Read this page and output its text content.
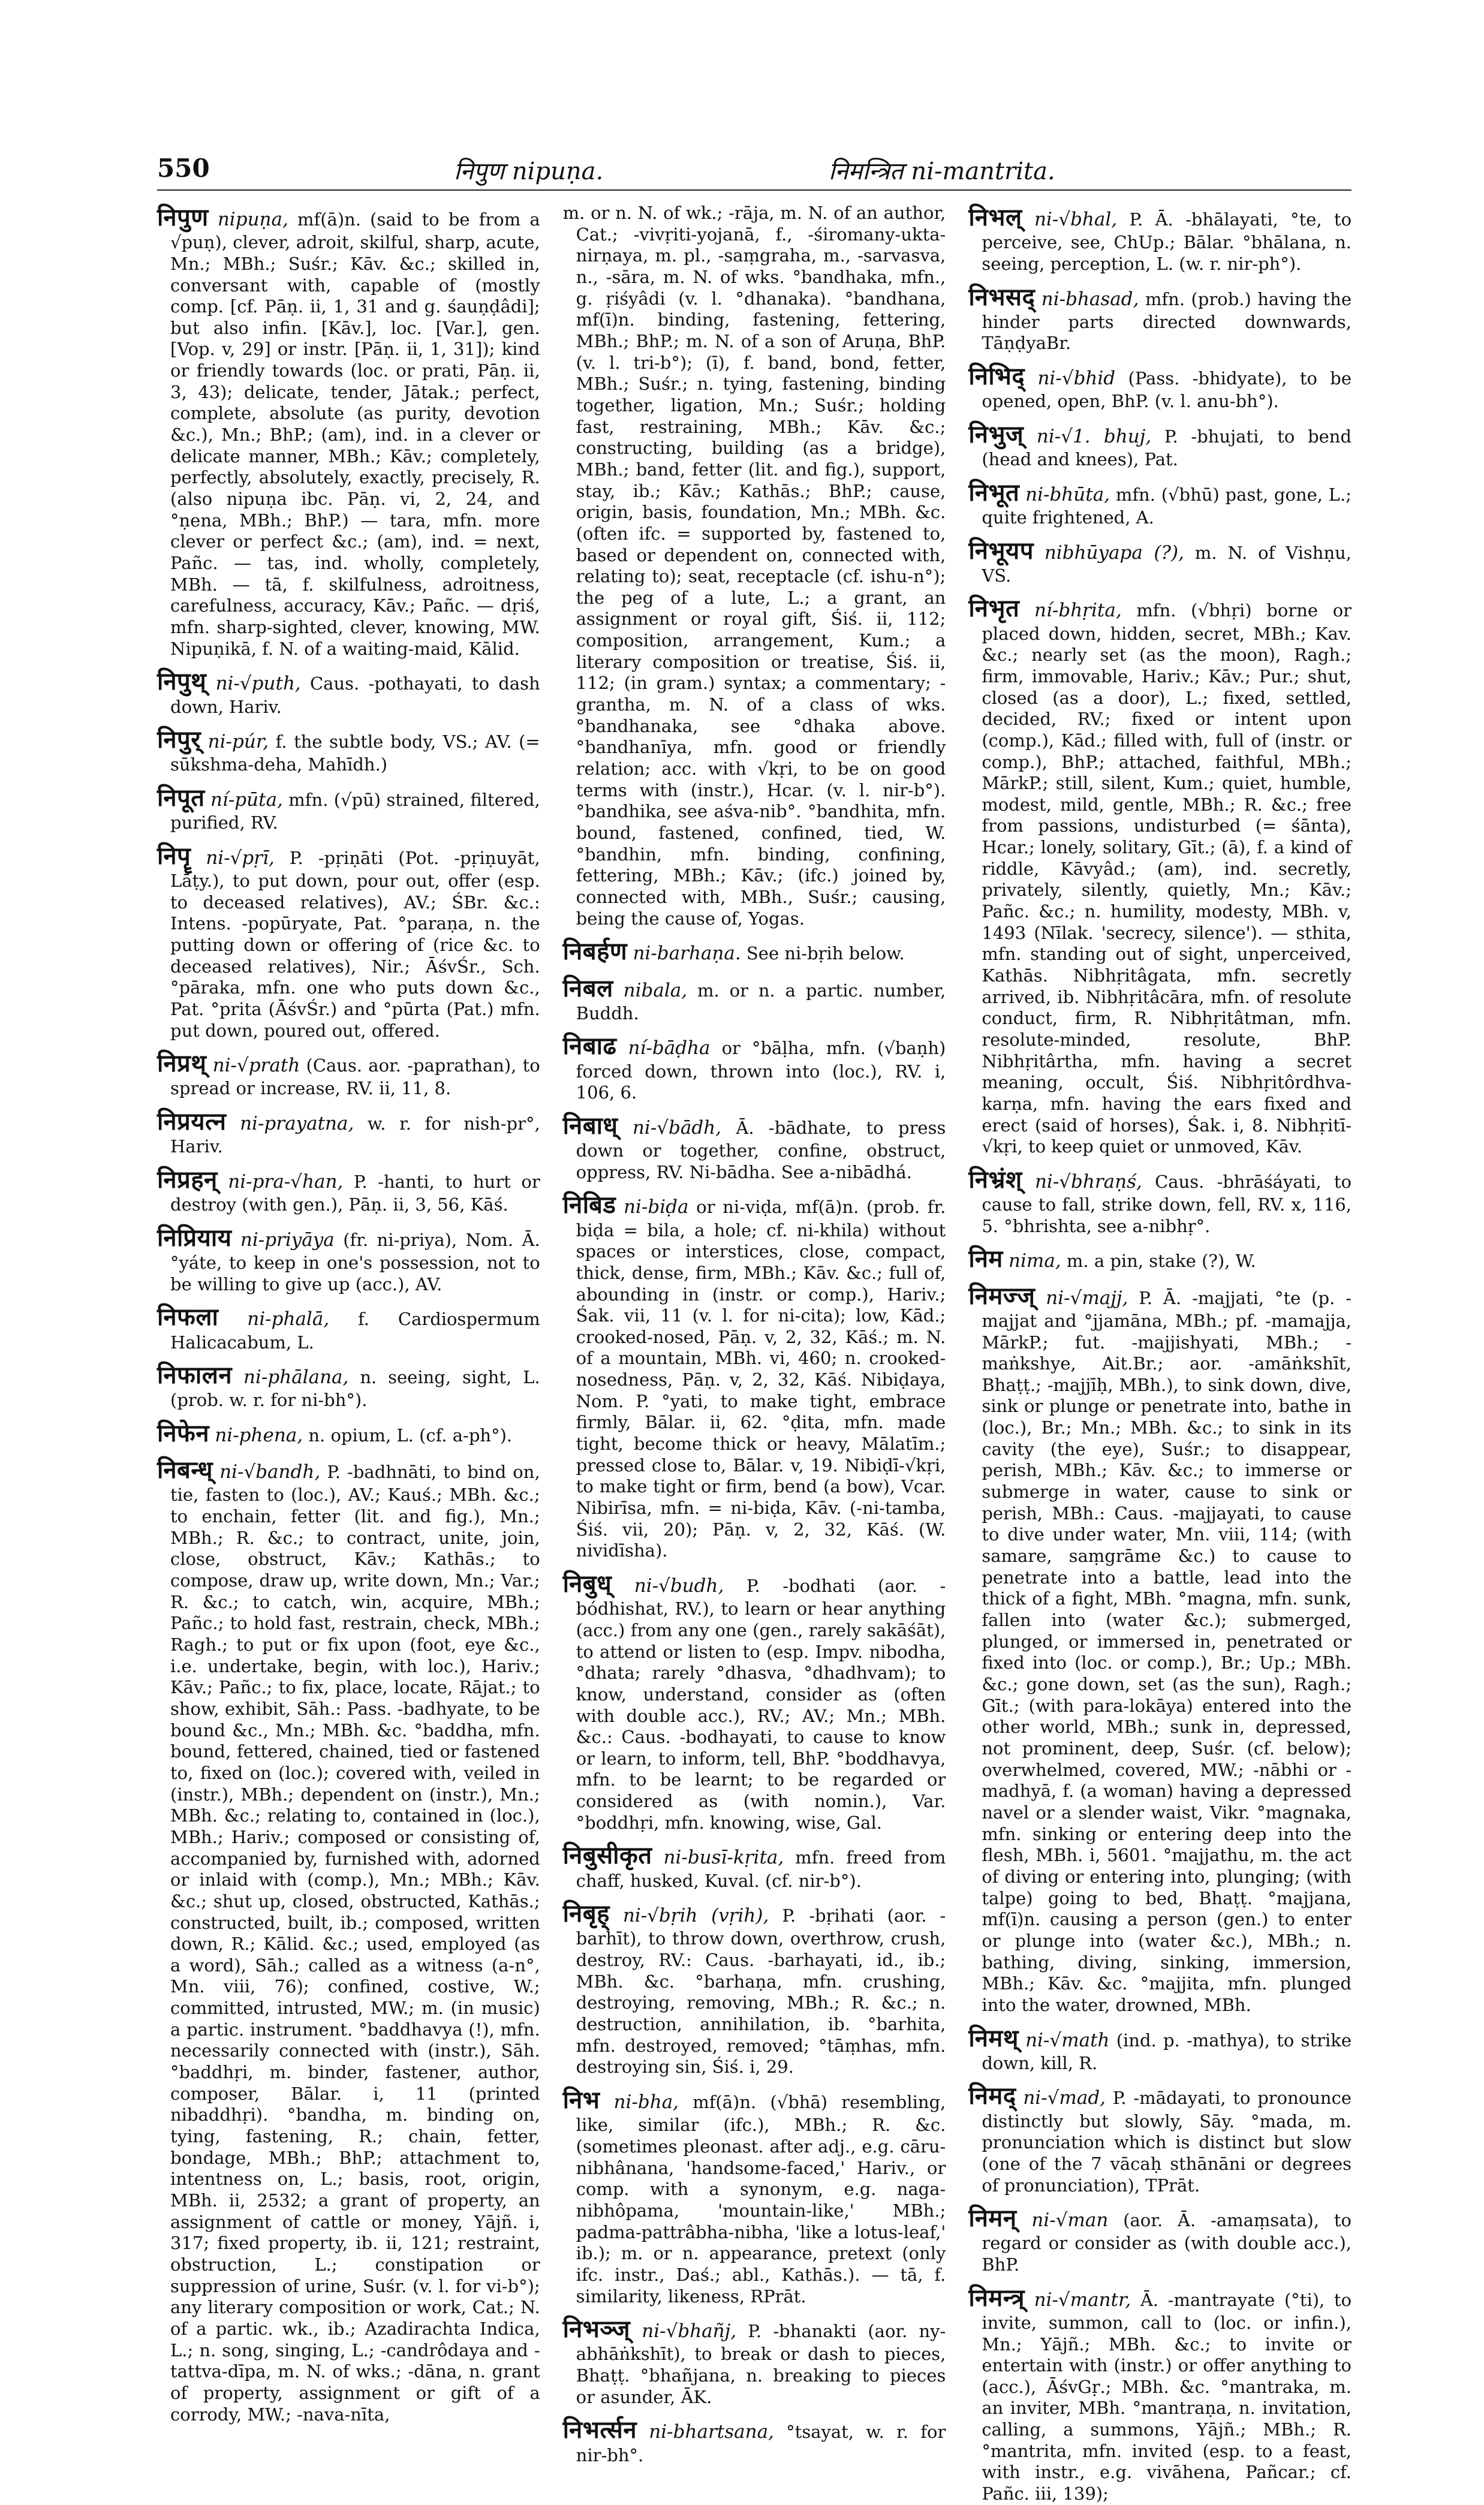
550	निपुण nipuṇa.	निमन्त्रित ni-mantrita.

निपुण nipuṇa, mf(ā)n. (said to be from a √puṇ), clever, adroit, skilful, sharp, acute, Mn.; MBh.; Suśr.; Kāv. &c.; skilled in, conversant with, capable of (mostly comp. [cf. Pāṇ. ii, 1, 31 and g. śauṇḍâdi]; but also infin. [Kāv.], loc. [Var.], gen. [Vop. v, 29] or instr. [Pāṇ. ii, 1, 31]); kind or friendly towards (loc. or prati, Pāṇ. ii, 3, 43); delicate, tender, Jātak.; perfect, complete, absolute (as purity, devotion &c.), Mn.; BhP.; (am), ind. in a clever or delicate manner, MBh.; Kāv.; completely, perfectly, absolutely, exactly, precisely, R. (also nipuṇa ibc. Pāṇ. vi, 2, 24, and °ṇena, MBh.; BhP.) — tara, mfn. more clever or perfect &c.; (am), ind. = next, Pañc. — tas, ind. wholly, completely, MBh. — tā, f. skilfulness, adroitness, carefulness, accuracy, Kāv.; Pañc. — dṛiś, mfn. sharp-sighted, clever, knowing, MW. Nipuṇikā, f. N. of a waiting-maid, Kālid.

निपुथ् ni-√puth, Caus. -pothayati, to dash down, Hariv.

निपुर् ni-púr, f. the subtle body, VS.; AV. (= sūkshma-deha, Mahīdh.)

निपूत ní-pūta, mfn. (√pū) strained, filtered, purified, RV.

निपॄ ni-√pṛī, P. -pṛiṇāti (Pot. -pṛiṇuyāt, Lāṭy.), to put down, pour out, offer (esp. to deceased relatives), AV.; ŚBr. &c.: Intens. -popūryate, Pat. °paraṇa, n. the putting down or offering of (rice &c. to deceased relatives), Nir.; ĀśvŚr., Sch. °pāraka, mfn. one who puts down &c., Pat. °prita (ĀśvŚr.) and °pūrta (Pat.) mfn. put down, poured out, offered.

निप्रथ् ni-√prath (Caus. aor. -paprathan), to spread or increase, RV. ii, 11, 8.

निप्रयत्न ni-prayatna, w. r. for nish-pr°, Hariv.

निप्रहन् ni-pra-√han, P. -hanti, to hurt or destroy (with gen.), Pāṇ. ii, 3, 56, Kāś.

निप्रियाय ni-priyāya (fr. ni-priya), Nom. Ā. °yáte, to keep in one's possession, not to be willing to give up (acc.), AV.

निफला ni-phalā, f. Cardiospermum Halicacabum, L.

निफालन ni-phālana, n. seeing, sight, L. (prob. w. r. for ni-bh°).

निफेन ni-phena, n. opium, L. (cf. a-ph°).

निबन्ध् ni-√bandh, P. -badhnāti, to bind on, tie, fasten to (loc.), AV.; Kauś.; MBh. &c.; to enchain, fetter (lit. and fig.), Mn.; MBh.; R. &c.; to contract, unite, join, close, obstruct, Kāv.; Kathās.; to compose, draw up, write down, Mn.; Var.; R. &c.; to catch, win, acquire, MBh.; Pañc.; to hold fast, restrain, check, MBh.; Ragh.; to put or fix upon (foot, eye &c., i.e. undertake, begin, with loc.), Hariv.; Kāv.; Pañc.; to fix, place, locate, Rājat.; to show, exhibit, Sāh.: Pass. -badhyate, to be bound &c., Mn.; MBh. &c. °baddha, mfn. bound, fettered, chained, tied or fastened to, fixed on (loc.); covered with, veiled in (instr.), MBh.; dependent on (instr.), Mn.; MBh. &c.; relating to, contained in (loc.), MBh.; Hariv.; composed or consisting of, accompanied by, furnished with, adorned or inlaid with (comp.), Mn.; MBh.; Kāv. &c.; shut up, closed, obstructed, Kathās.; constructed, built, ib.; composed, written down, R.; Kālid. &c.; used, employed (as a word), Sāh.; called as a witness (a-n°, Mn. viii, 76); confined, costive, W.; committed, intrusted, MW.; m. (in music) a partic. instrument. °baddhavya (!), mfn. necessarily connected with (instr.), Sāh. °baddhṛi, m. binder, fastener, author, composer, Bālar. i, 11 (printed nibaddhṛi). °bandha, m. binding on, tying, fastening, R.; chain, fetter, bondage, MBh.; BhP.; attachment to, intentness on, L.; basis, root, origin, MBh. ii, 2532; a grant of property, an assignment of cattle or money, Yājñ. i, 317; fixed property, ib. ii, 121; restraint, obstruction, L.; constipation or suppression of urine, Suśr. (v. l. for vi-b°); any literary composition or work, Cat.; N. of a partic. wk., ib.; Azadirachta Indica, L.; n. song, singing, L.; -candrôdaya and -tattva-dīpa, m. N. of wks.; -dāna, n. grant of property, assignment or gift of a corrody, MW.; -nava-nīta,

m. or n. N. of wk.; -rāja, m. N. of an author, Cat.; -vivṛiti-yojanā, f., -śiromany-ukta-nirṇaya, m. pl., -saṃgraha, m., -sarvasva, n., -sāra, m. N. of wks. °bandhaka, mfn., g. ṛiśyâdi (v. l. °dhanaka). °bandhana, mf(ī)n. binding, fastening, fettering, MBh.; BhP.; m. N. of a son of Aruṇa, BhP. (v. l. tri-b°); (ī), f. band, bond, fetter, MBh.; Suśr.; n. tying, fastening, binding together, ligation, Mn.; Suśr.; holding fast, restraining, MBh.; Kāv. &c.; constructing, building (as a bridge), MBh.; band, fetter (lit. and fig.), support, stay, ib.; Kāv.; Kathās.; BhP.; cause, origin, basis, foundation, Mn.; MBh. &c. (often ifc. = supported by, fastened to, based or dependent on, connected with, relating to); seat, receptacle (cf. ishu-n°); the peg of a lute, L.; a grant, an assignment or royal gift, Śiś. ii, 112; composition, arrangement, Kum.; a literary composition or treatise, Śiś. ii, 112; (in gram.) syntax; a commentary; -grantha, m. N. of a class of wks. °bandhanaka, see °dhaka above. °bandhanīya, mfn. good or friendly relation; acc. with √kṛi, to be on good terms with (instr.), Hcar. (v. l. nir-b°). °bandhika, see aśva-nib°. °bandhita, mfn. bound, fastened, confined, tied, W. °bandhin, mfn. binding, confining, fettering, MBh.; Kāv.; (ifc.) joined by, connected with, MBh., Suśr.; causing, being the cause of, Yogas.

निबर्हण ni-barhaṇa. See ni-bṛih below.

निबल nibala, m. or n. a partic. number, Buddh.

निबाढ ní-bāḍha or °bāḷha, mfn. (√baṇh) forced down, thrown into (loc.), RV. i, 106, 6.

निबाध् ni-√bādh, Ā. -bādhate, to press down or together, confine, obstruct, oppress, RV. Ni-bādha. See a-nibādhá.

निबिड ni-biḍa or ni-viḍa, mf(ā)n. (prob. fr. biḍa = bila, a hole; cf. ni-khila) without spaces or interstices, close, compact, thick, dense, firm, MBh.; Kāv. &c.; full of, abounding in (instr. or comp.), Hariv.; Śak. vii, 11 (v. l. for ni-cita); low, Kād.; crooked-nosed, Pāṇ. v, 2, 32, Kāś.; m. N. of a mountain, MBh. vi, 460; n. crooked-nosedness, Pāṇ. v, 2, 32, Kāś. Nibiḍaya, Nom. P. °yati, to make tight, embrace firmly, Bālar. ii, 62. °ḍita, mfn. made tight, become thick or heavy, Mālatīm.; pressed close to, Bālar. v, 19. Nibiḍī-√kṛi, to make tight or firm, bend (a bow), Vcar. Nibirīsa, mfn. = ni-biḍa, Kāv. (-ni-tamba, Śiś. vii, 20); Pāṇ. v, 2, 32, Kāś. (W. nividīsha).

निबुध् ni-√budh, P. -bodhati (aor. -bódhishat, RV.), to learn or hear anything (acc.) from any one (gen., rarely sakāśāt), to attend or listen to (esp. Impv. nibodha, °dhata; rarely °dhasva, °dhadhvam); to know, understand, consider as (often with double acc.), RV.; AV.; Mn.; MBh. &c.: Caus. -bodhayati, to cause to know or learn, to inform, tell, BhP. °boddhavya, mfn. to be learnt; to be regarded or considered as (with nomin.), Var. °boddhṛi, mfn. knowing, wise, Gal.

निबुसीकृत ni-busī-kṛita, mfn. freed from chaff, husked, Kuval. (cf. nir-b°).

निबृह् ni-√bṛih (vṛih), P. -bṛihati (aor. -barhīt), to throw down, overthrow, crush, destroy, RV.: Caus. -barhayati, id., ib.; MBh. &c. °barhaṇa, mfn. crushing, destroying, removing, MBh.; R. &c.; n. destruction, annihilation, ib. °barhita, mfn. destroyed, removed; °tāṃhas, mfn. destroying sin, Śiś. i, 29.

निभ ni-bha, mf(ā)n. (√bhā) resembling, like, similar (ifc.), MBh.; R. &c. (sometimes pleonast. after adj., e.g. cāru-nibhânana, 'handsome-faced,' Hariv., or comp. with a synonym, e.g. naga-nibhôpama, 'mountain-like,' MBh.; padma-pattrâbha-nibha, 'like a lotus-leaf,' ib.); m. or n. appearance, pretext (only ifc. instr., Daś.; abl., Kathās.). — tā, f. similarity, likeness, RPrāt.

निभञ्ज् ni-√bhañj, P. -bhanakti (aor. ny-abhāṅkshīt), to break or dash to pieces, Bhaṭṭ. °bhañjana, n. breaking to pieces or asunder, ĀK.

निभर्त्सन ni-bhartsana, °tsayat, w. r. for nir-bh°.

निभल् ni-√bhal, P. Ā. -bhālayati, °te, to perceive, see, ChUp.; Bālar. °bhālana, n. seeing, perception, L. (w. r. nir-ph°).

निभसद् ni-bhasad, mfn. (prob.) having the hinder parts directed downwards, TāṇḍyaBr.

निभिद् ni-√bhid (Pass. -bhidyate), to be opened, open, BhP. (v. l. anu-bh°).

निभुज् ni-√1. bhuj, P. -bhujati, to bend (head and knees), Pat.

निभूत ni-bhūta, mfn. (√bhū) past, gone, L.; quite frightened, A.

निभूयप nibhūyapa (?), m. N. of Vishṇu, VS.

निभृत ní-bhṛita, mfn. (√bhṛi) borne or placed down, hidden, secret, MBh.; Kav. &c.; nearly set (as the moon), Ragh.; firm, immovable, Hariv.; Kāv.; Pur.; shut, closed (as a door), L.; fixed, settled, decided, RV.; fixed or intent upon (comp.), Kād.; filled with, full of (instr. or comp.), BhP.; attached, faithful, MBh.; MārkP.; still, silent, Kum.; quiet, humble, modest, mild, gentle, MBh.; R. &c.; free from passions, undisturbed (= śānta), Hcar.; lonely, solitary, Gīt.; (ā), f. a kind of riddle, Kāvyâd.; (am), ind. secretly, privately, silently, quietly, Mn.; Kāv.; Pañc. &c.; n. humility, modesty, MBh. v, 1493 (Nīlak. 'secrecy, silence'). — sthita, mfn. standing out of sight, unperceived, Kathās. Nibhṛitâgata, mfn. secretly arrived, ib. Nibhṛitâcāra, mfn. of resolute conduct, firm, R. Nibhṛitâtman, mfn. resolute-minded, resolute, BhP. Nibhṛitârtha, mfn. having a secret meaning, occult, Śiś. Nibhṛitôrdhva-karṇa, mfn. having the ears fixed and erect (said of horses), Śak. i, 8. Nibhṛitī-√kṛi, to keep quiet or unmoved, Kāv.

निभ्रंश् ni-√bhraṇś, Caus. -bhrāśáyati, to cause to fall, strike down, fell, RV. x, 116, 5. °bhrishta, see a-nibhṛ°.

निम nima, m. a pin, stake (?), W.

निमज्ज् ni-√majj, P. Ā. -majjati, °te (p. -majjat and °jjamāna, MBh.; pf. -mamajja, MārkP.; fut. -majjishyati, MBh.; -maṅkshye, Ait.Br.; aor. -amāṅkshīt, Bhaṭṭ.; -majjīḥ, MBh.), to sink down, dive, sink or plunge or penetrate into, bathe in (loc.), Br.; Mn.; MBh. &c.; to sink in its cavity (the eye), Suśr.; to disappear, perish, MBh.; Kāv. &c.; to immerse or submerge in water, cause to sink or perish, MBh.: Caus. -majjayati, to cause to dive under water, Mn. viii, 114; (with samare, saṃgrāme &c.) to cause to penetrate into a battle, lead into the thick of a fight, MBh. °magna, mfn. sunk, fallen into (water &c.); submerged, plunged, or immersed in, penetrated or fixed into (loc. or comp.), Br.; Up.; MBh. &c.; gone down, set (as the sun), Ragh.; Gīt.; (with para-lokāya) entered into the other world, MBh.; sunk in, depressed, not prominent, deep, Suśr. (cf. below); overwhelmed, covered, MW.; -nābhi or -madhyā, f. (a woman) having a depressed navel or a slender waist, Vikr. °magnaka, mfn. sinking or entering deep into the flesh, MBh. i, 5601. °majjathu, m. the act of diving or entering into, plunging; (with talpe) going to bed, Bhaṭṭ. °majjana, mf(ī)n. causing a person (gen.) to enter or plunge into (water &c.), MBh.; n. bathing, diving, sinking, immersion, MBh.; Kāv. &c. °majjita, mfn. plunged into the water, drowned, MBh.

निमथ् ni-√math (ind. p. -mathya), to strike down, kill, R.

निमद् ni-√mad, P. -mādayati, to pronounce distinctly but slowly, Sāy. °mada, m. pronunciation which is distinct but slow (one of the 7 vācaḥ sthānāni or degrees of pronunciation), TPrāt.

निमन् ni-√man (aor. Ā. -amaṃsata), to regard or consider as (with double acc.), BhP.

निमन्त्र् ni-√mantr, Ā. -mantrayate (°ti), to invite, summon, call to (loc. or infin.), Mn.; Yājñ.; MBh. &c.; to invite or entertain with (instr.) or offer anything to (acc.), ĀśvGṛ.; MBh. &c. °mantraka, m. an inviter, MBh. °mantraṇa, n. invitation, calling, a summons, Yājñ.; MBh.; R. °mantrita, mfn. invited (esp. to a feast, with instr., e.g. vivāhena, Pañcar.; cf. Pañc. iii, 139);
